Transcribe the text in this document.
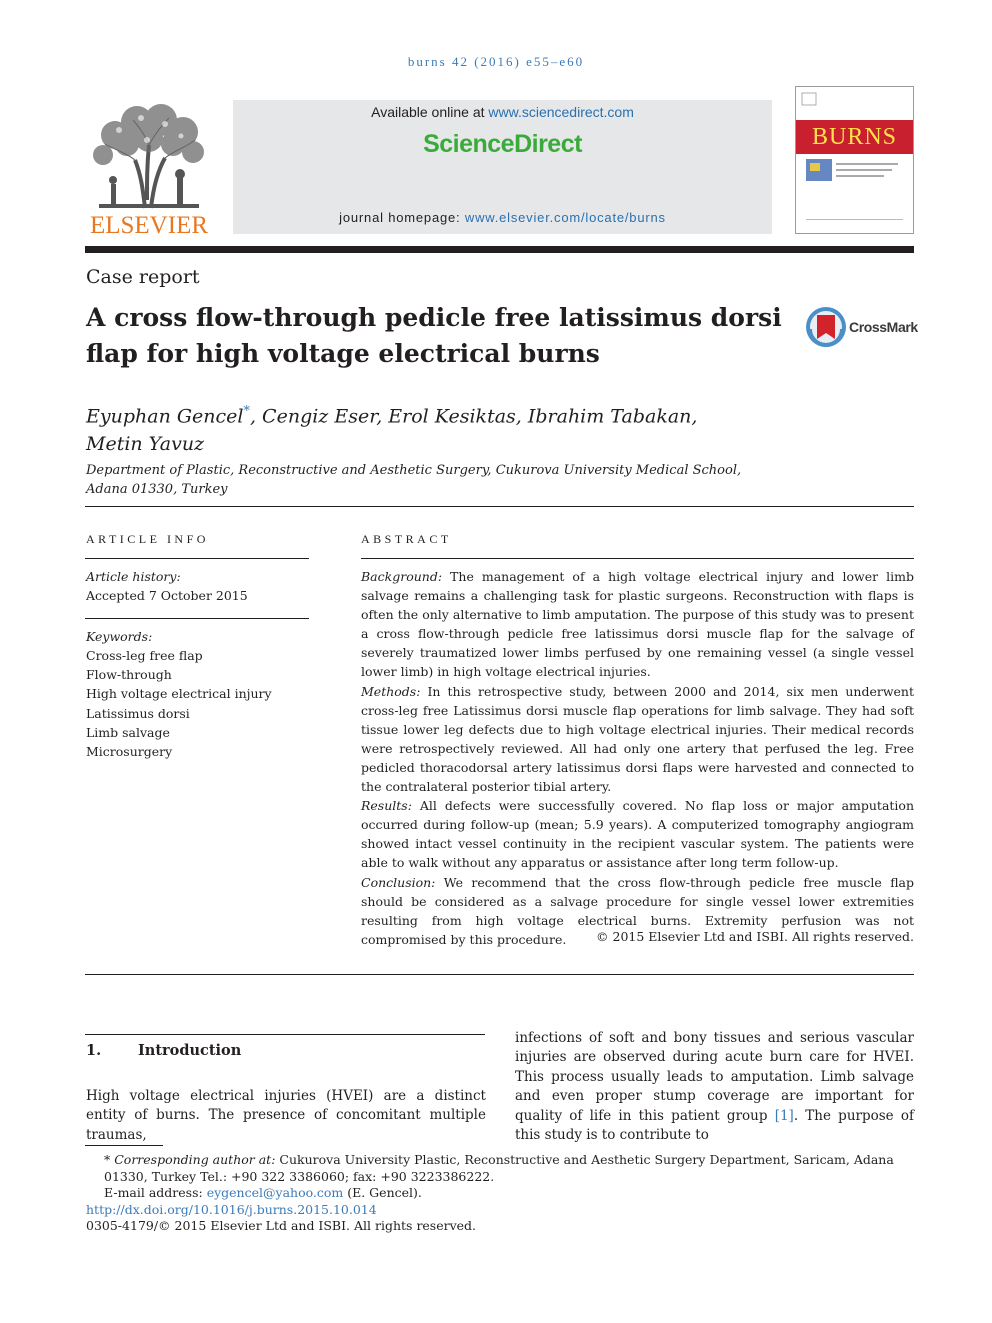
burns 42 (2016) e55–e60
ELSEVIER
Available online at www.sciencedirect.com
ScienceDirect
journal homepage: www.elsevier.com/locate/burns
BURNS
Case report
A cross flow-through pedicle free latissimus dorsi flap for high voltage electrical burns
CrossMark
Eyuphan Gencel*, Cengiz Eser, Erol Kesiktas, Ibrahim Tabakan,
Metin Yavuz
Department of Plastic, Reconstructive and Aesthetic Surgery, Cukurova University Medical School, Adana 01330, Turkey
ARTICLE INFO
Article history:
Accepted 7 October 2015
Keywords:
Cross-leg free flap
Flow-through
High voltage electrical injury
Latissimus dorsi
Limb salvage
Microsurgery
ABSTRACT

Background: The management of a high voltage electrical injury and lower limb salvage remains a challenging task for plastic surgeons. Reconstruction with flaps is often the only alternative to limb amputation. The purpose of this study was to present a cross flow-through pedicle free latissimus dorsi muscle flap for the salvage of severely traumatized lower limbs perfused by one remaining vessel (a single vessel lower limb) in high voltage electrical injuries.

Methods: In this retrospective study, between 2000 and 2014, six men underwent cross-leg free Latissimus dorsi muscle flap operations for limb salvage. They had soft tissue lower leg defects due to high voltage electrical injuries. Their medical records were retrospectively reviewed. All had only one artery that perfused the leg. Free pedicled thoracodorsal artery latissimus dorsi flaps were harvested and connected to the contralateral posterior tibial artery.

Results: All defects were successfully covered. No flap loss or major amputation occurred during follow-up (mean; 5.9 years). A computerized tomography angiogram showed intact vessel continuity in the recipient vascular system. The patients were able to walk without any apparatus or assistance after long term follow-up.

Conclusion: We recommend that the cross flow-through pedicle free muscle flap should be considered as a salvage procedure for single vessel lower extremities resulting from high voltage electrical burns. Extremity perfusion was not compromised by this procedure.	© 2015 Elsevier Ltd and ISBI. All rights reserved.
1.	Introduction
High voltage electrical injuries (HVEI) are a distinct entity of burns. The presence of concomitant multiple traumas,
infections of soft and bony tissues and serious vascular injuries are observed during acute burn care for HVEI. This process usually leads to amputation. Limb salvage and even proper stump coverage are important for quality of life in this patient group [1]. The purpose of this study is to contribute to
* Corresponding author at: Cukurova University Plastic, Reconstructive and Aesthetic Surgery Department, Saricam, Adana 01330, Turkey Tel.: +90 322 3386060; fax: +90 3223386222.
E-mail address: eygencel@yahoo.com (E. Gencel).
http://dx.doi.org/10.1016/j.burns.2015.10.014
0305-4179/© 2015 Elsevier Ltd and ISBI. All rights reserved.
